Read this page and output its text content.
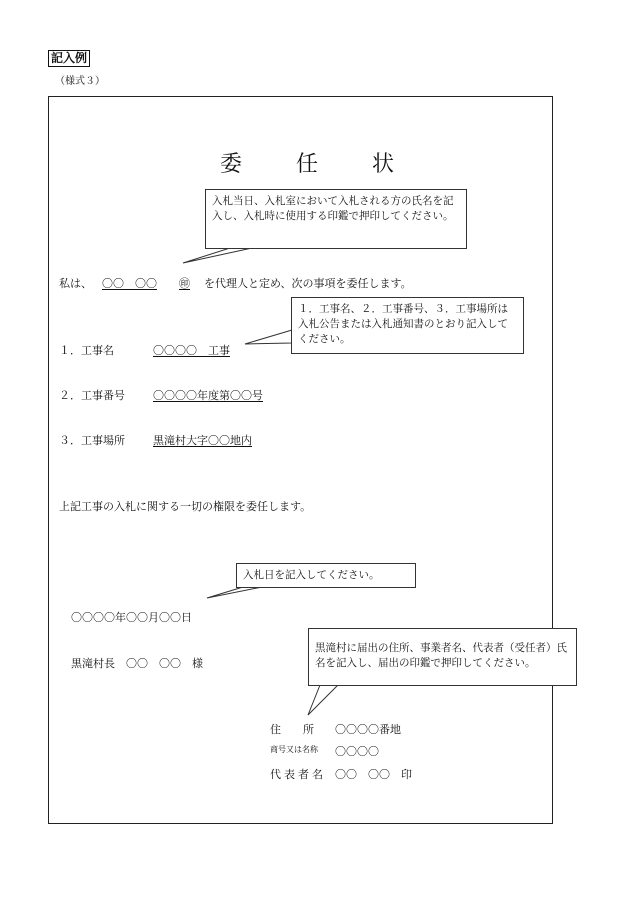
記入例
（様式３）
委　任　状
私は、 〇〇　〇〇 ㊞ を代理人と定め、次の事項を委任します。
１．工事名	〇〇〇〇　工事
２．工事番号	〇〇〇〇年度第〇〇号
３．工事場所	黒滝村大字〇〇地内
上記工事の入札に関する一切の権限を委任します。
〇〇〇〇年〇〇月〇〇日
黒滝村長　〇〇　〇〇　様
住　　所 〇〇〇〇番地
商号又は名称 〇〇〇〇
代表者名 〇〇　〇〇　印
入札当日、入札室において入札される方の氏名を記入し、入札時に使用する印鑑で押印してください。
１．工事名、２．工事番号、３．工事場所は入札公告または入札通知書のとおり記入してください。
入札日を記入してください。
黒滝村に届出の住所、事業者名、代表者（受任者）氏名を記入し、届出の印鑑で押印してください。
